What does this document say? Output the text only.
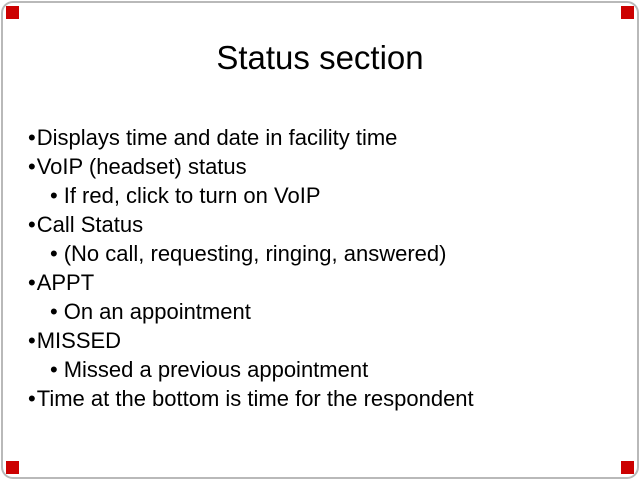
Status section
•Displays time and date in facility time
•VoIP (headset) status
• If red, click to turn on VoIP
•Call Status
• (No call, requesting, ringing, answered)
•APPT
• On an appointment
•MISSED
• Missed a previous appointment
•Time at the bottom is time for the respondent
